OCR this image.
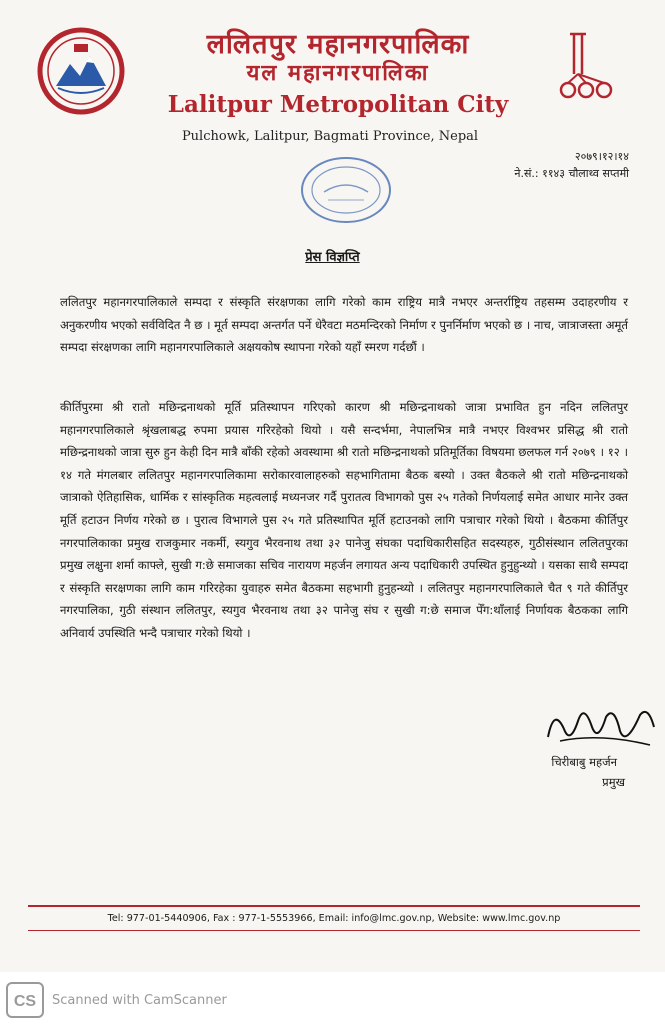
ललितपुर महानगरपालिका
यल महानगरपालिका
Lalitpur Metropolitan City
Pulchowk, Lalitpur, Bagmati Province, Nepal
२०७९।१२।१४
ने.सं.: ११४३ चौलाथ्व सप्तमी
प्रेस विज्ञप्ति
ललितपुर महानगरपालिकाले सम्पदा र संस्कृति संरक्षणका लागि गरेको काम राष्ट्रिय मात्रै नभएर अन्तर्राष्ट्रिय तहसम्म उदाहरणीय र अनुकरणीय भएको सर्वविदित नै छ । मूर्त सम्पदा अन्तर्गत पर्ने धेरैवटा मठमन्दिरको निर्माण र पुनर्निर्माण भएको छ । नाच, जात्राजस्ता अमूर्त सम्पदा संरक्षणका लागि महानगरपालिकाले अक्षयकोष स्थापना गरेको यहाँ स्मरण गर्दछौं ।
कीर्तिपुरमा श्री रातो मछिन्द्रनाथको मूर्ति प्रतिस्थापन गरिएको कारण श्री मछिन्द्रनाथको जात्रा प्रभावित हुन नदिन ललितपुर महानगरपालिकाले श्रृंखलाबद्ध रुपमा प्रयास गरिरहेको थियो । यसै सन्दर्भमा, नेपालभित्र मात्रै नभएर विश्वभर प्रसिद्ध श्री रातो मछिन्द्रनाथको जात्रा सुरु हुन केही दिन मात्रै बाँकी रहेको अवस्थामा श्री रातो मछिन्द्रनाथको प्रतिमूर्तिका विषयमा छलफल गर्न २०७९ । १२ । १४ गते मंगलबार ललितपुर महानगरपालिकामा सरोकारवालाहरुको सहभागितामा बैठक बस्यो । उक्त बैठकले श्री रातो मछिन्द्रनाथको जात्राको ऐतिहासिक, धार्मिक र सांस्कृतिक महत्वलाई मध्यनजर गर्दै पुरातत्व विभागको पुस २५ गतेको निर्णयलाई समेत आधार मानेर उक्त मूर्ति हटाउन निर्णय गरेको छ । पुरात्व विभागले पुस २५ गते प्रतिस्थापित मूर्ति हटाउनको लागि पत्राचार गरेको थियो । बैठकमा कीर्तिपुर नगरपालिकाका प्रमुख राजकुमार नकर्मी, स्यगुव भैरवनाथ तथा ३२ पानेजु संघका पदाधिकारीसहित सदस्यहरु, गुठीसंस्थान ललितपुरका प्रमुख लक्षुना शर्मा काफ्ले, सुखी ग:छे समाजका सचिव नारायण महर्जन लगायत अन्य पदाधिकारी उपस्थित हुनुहुन्थ्यो । यसका साथै सम्पदा र संस्कृति सरक्षणका लागि काम गरिरहेका युवाहरु समेत बैठकमा सहभागी हुनुहन्थ्यो । ललितपुर महानगरपालिकाले चैत ९ गते कीर्तिपुर नगरपालिका, गुठी संस्थान ललितपुर, स्यगुव भैरवनाथ तथा ३२ पानेजु संघ र सुखी ग:छे समाज पेँग:थाँलाई निर्णायक बैठकका लागि अनिवार्य उपस्थिति भन्दै पत्राचार गरेको थियो ।
चिरीबाबु महर्जन
प्रमुख
Tel: 977-01-5440906, Fax : 977-1-5553966, Email: info@lmc.gov.np, Website: www.lmc.gov.np
CS Scanned with CamScanner
